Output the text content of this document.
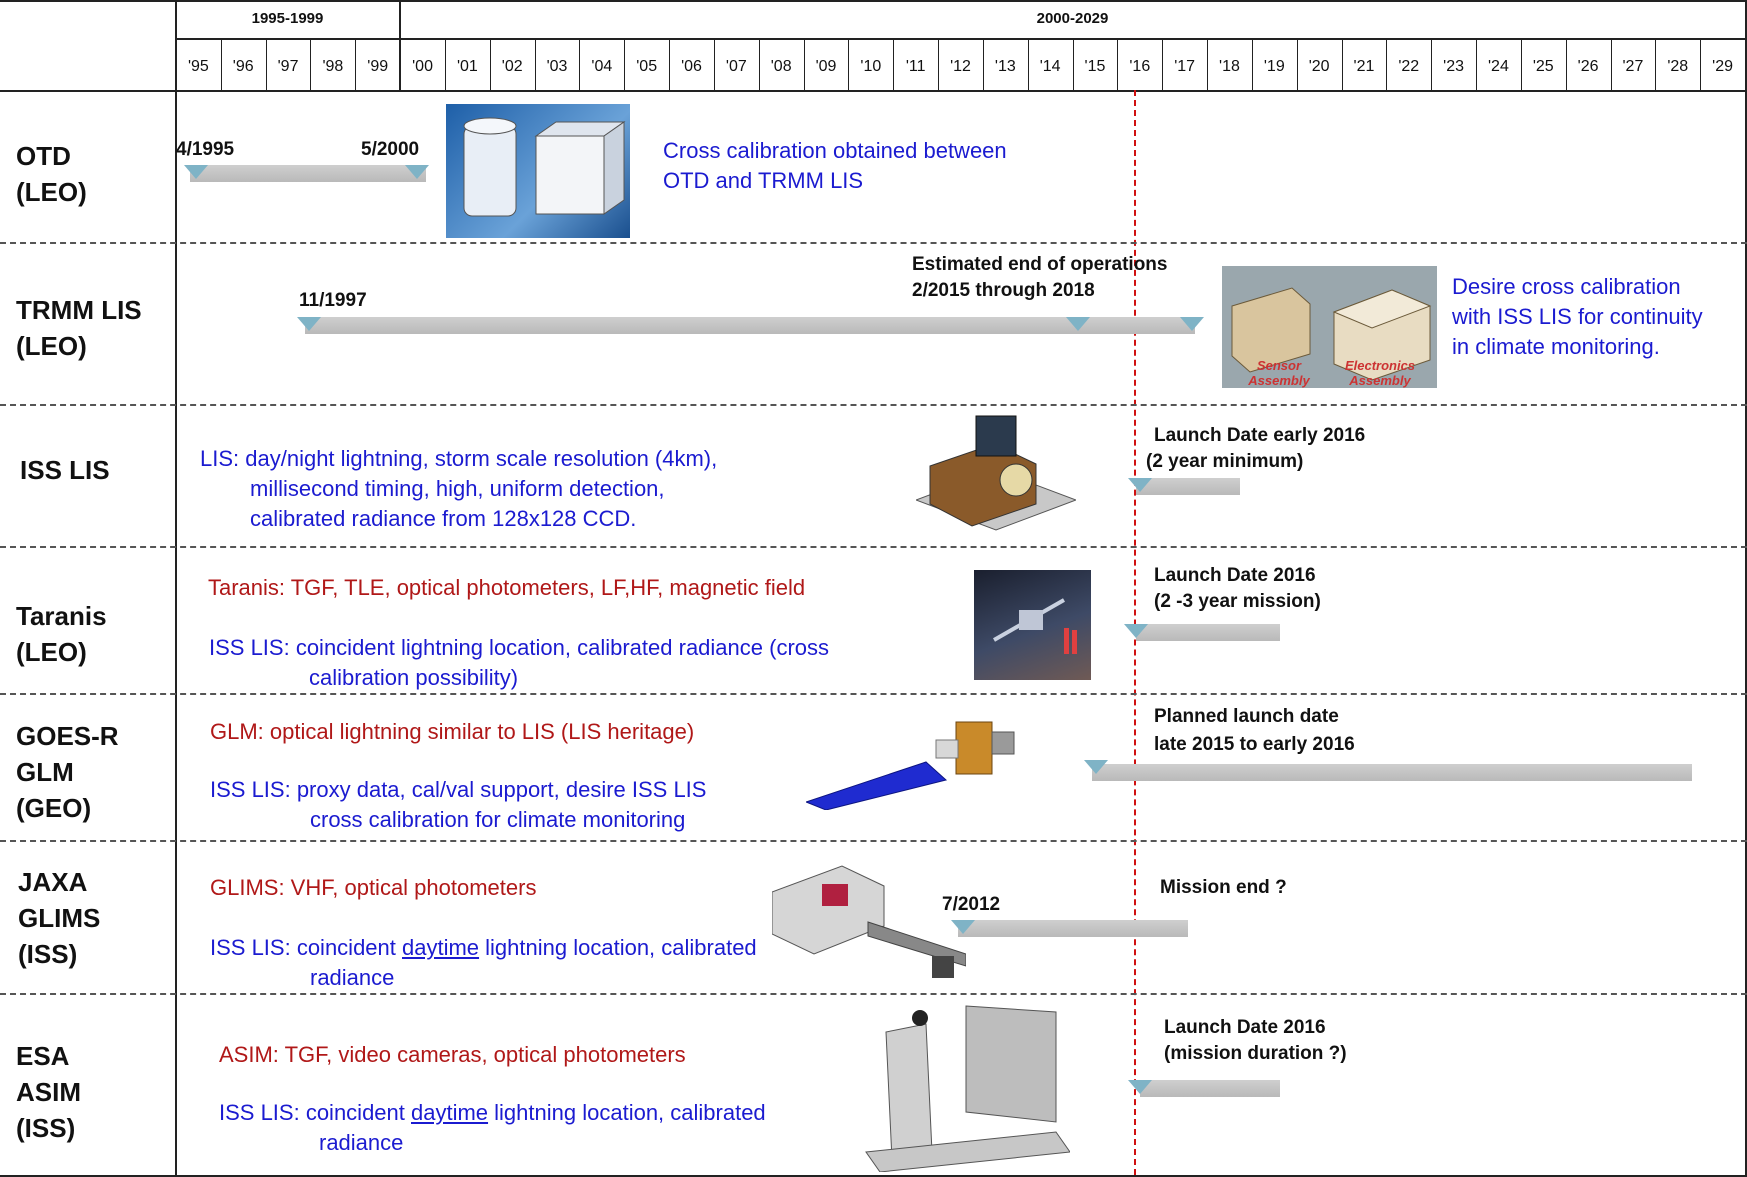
1995-1999	2000-2029
'95	'96	'97	'98	'99	'00	'01	'02	'03	'04	'05	'06	'07	'08	'09	'10	'11	'12	'13	'14	'15	'16	'17	'18	'19	'20	'21	'22	'23	'24	'25	'26	'27	'28	'29
OTD
(LEO)
4/1995	5/2000	Cross calibration obtained between
OTD and TRMM LIS
TRMM LIS
(LEO)
11/1997
Estimated end of operations
2/2015 through 2018
Sensor Assembly
Electronics Assembly
Desire cross calibration
with ISS LIS for continuity
in climate monitoring.
ISS LIS	LIS: day/night lightning, storm scale resolution (4km),
millisecond timing, high, uniform detection,
calibrated radiance from 128x128 CCD.
Launch Date early 2016
(2 year minimum)
Taranis
(LEO)
Taranis: TGF, TLE, optical photometers, LF,HF, magnetic field
ISS LIS: coincident lightning location, calibrated radiance (cross
calibration possibility)
Launch Date 2016
(2 -3 year mission)
GOES-R
GLM
(GEO)
GLM: optical lightning similar to LIS (LIS heritage)
ISS LIS: proxy data, cal/val support, desire ISS LIS
cross calibration for climate monitoring
Planned launch date
late 2015 to early 2016
JAXA
GLIMS
(ISS)
GLIMS: VHF, optical photometers
ISS LIS: coincident daytime lightning location, calibrated
radiance
7/2012
Mission end ?
ESA
ASIM
(ISS)
ASIM: TGF, video cameras, optical photometers
ISS LIS: coincident daytime lightning location, calibrated
radiance
Launch Date 2016
(mission duration ?)
